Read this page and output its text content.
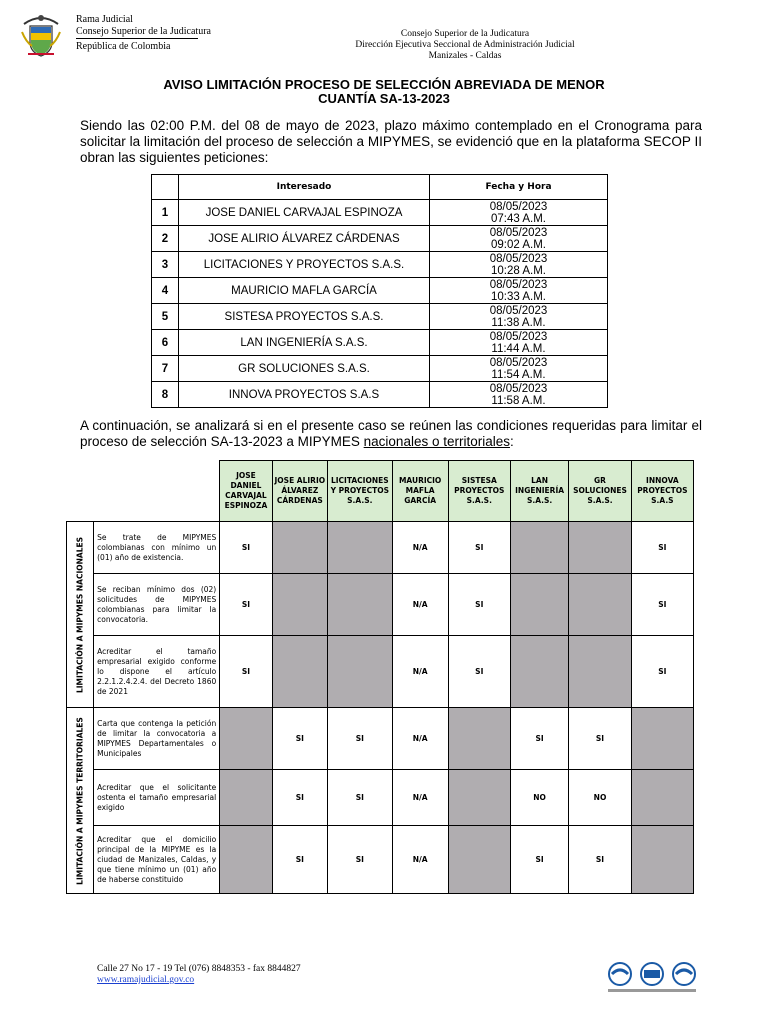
Rama Judicial
Consejo Superior de la Judicatura
República de Colombia
Consejo Superior de la Judicatura
Dirección Ejecutiva Seccional de Administración Judicial
Manizales - Caldas
AVISO LIMITACIÓN PROCESO DE SELECCIÓN ABREVIADA DE MENOR
CUANTÍA SA-13-2023
Siendo las 02:00 P.M. del 08 de mayo de 2023, plazo máximo contemplado en el Cronograma para solicitar la limitación del proceso de selección a MIPYMES, se evidenció que en la plataforma SECOP II obran las siguientes peticiones:
	Interesado	Fecha y Hora
1	JOSE DANIEL CARVAJAL ESPINOZA	08/05/2023
07:43 A.M.

2	JOSE ALIRIO ÁLVAREZ CÁRDENAS	08/05/2023
09:02 A.M.

3	LICITACIONES Y PROYECTOS S.A.S.	08/05/2023
10:28 A.M.

4	MAURICIO MAFLA GARCÍA	08/05/2023
10:33 A.M.

5	SISTESA PROYECTOS S.A.S.	08/05/2023
11:38 A.M.

6	LAN INGENIERÍA S.A.S.	08/05/2023
11:44 A.M.

7	GR SOLUCIONES S.A.S.	08/05/2023
11:54 A.M.

8	INNOVA PROYECTOS S.A.S	08/05/2023
11:58 A.M.
A continuación, se analizará si en el presente caso se reúnen las condiciones requeridas para limitar el proceso de selección SA-13-2023 a MIPYMES nacionales o territoriales:
		JOSE DANIEL CARVAJAL ESPINOZA	JOSE ALIRIO ÁLVAREZ CÁRDENAS	LICITACIONES Y PROYECTOS S.A.S.	MAURICIO MAFLA GARCÍA	SISTESA PROYECTOS S.A.S.	LAN INGENIERÍA S.A.S.	GR SOLUCIONES S.A.S.	INNOVA PROYECTOS S.A.S

LIMITACIÓN A MIPYMES NACIONALES	Se trate de MIPYMES colombianas con mínimo un (01) año de existencia.	SI			N/A	SI			SI
	Se reciban mínimo dos (02) solicitudes de MIPYMES colombianas para limitar la convocatoria.	SI			N/A	SI			SI
	Acreditar el tamaño empresarial exigido conforme lo dispone el artículo 2.2.1.2.4.2.4. del Decreto 1860 de 2021	SI			N/A	SI			SI

LIMITACIÓN A MIPYMES TERRITORIALES	Carta que contenga la petición de limitar la convocatoria a MIPYMES Departamentales o Municipales		SI	SI	N/A		SI	SI	
	Acreditar que el solicitante ostenta el tamaño empresarial exigido		SI	SI	N/A		NO	NO	
	Acreditar que el domicilio principal de la MIPYME es la ciudad de Manizales, Caldas, y que tiene mínimo un (01) año de haberse constituido		SI	SI	N/A		SI	SI	
Calle 27 No 17 - 19 Tel (076) 8848353 - fax 8844827
www.ramajudicial.gov.co
